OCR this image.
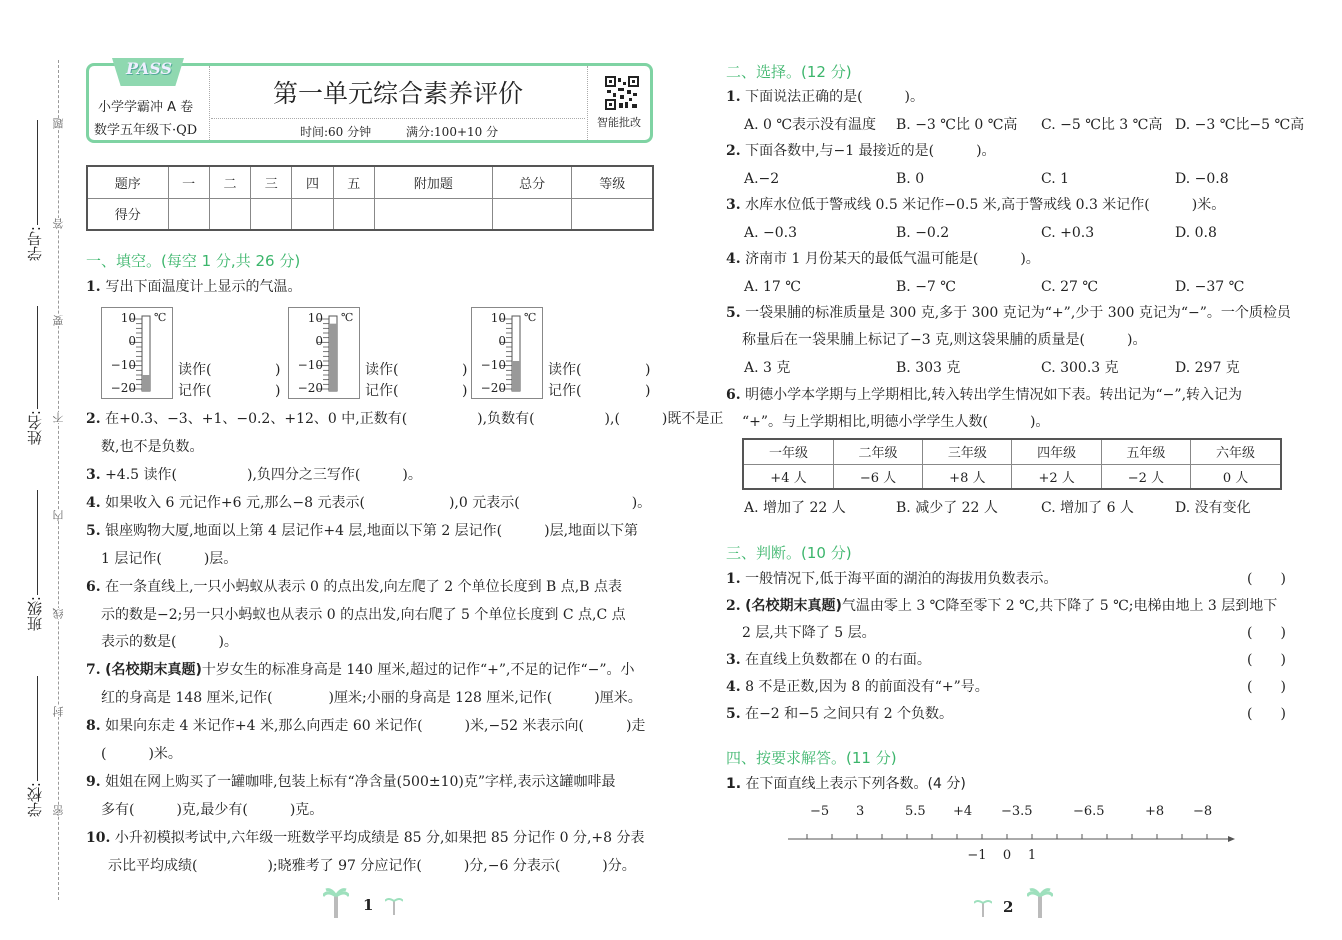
题
答
要
不
内
线
封
密
学号:
姓名:
班级:
学校:
PASS
小学学霸冲 A 卷
数学五年级下·QD
第一单元综合素养评价
时间:60 分钟	满分:100+10 分
智能批改
题序	一	二	三	四	五	附加题	总分	等级
得分								
一、填空。(每空 1 分,共 26 分)
1. 写出下面温度计上显示的气温。
10
0
−10
−20
℃
读作(	)
记作(	)
10
0
−10
−20
℃
读作(	)
记作(	)
10
0
−10
−20
℃
读作(	)
记作(	)
2. 在+0.3、−3、+1、−0.2、+12、0 中,正数有(　　　　　),负数有(　　　　　),(　　　)既不是正
数,也不是负数。
3. +4.5 读作(　　　　　),负四分之三写作(　　　)。
4. 如果收入 6 元记作+6 元,那么−8 元表示(　　　　　　),0 元表示(　　　　　　　　)。
5. 银座购物大厦,地面以上第 4 层记作+4 层,地面以下第 2 层记作(　　　)层,地面以下第
1 层记作(　　　)层。
6. 在一条直线上,一只小蚂蚁从表示 0 的点出发,向左爬了 2 个单位长度到 B 点,B 点表
示的数是−2;另一只小蚂蚁也从表示 0 的点出发,向右爬了 5 个单位长度到 C 点,C 点
表示的数是(　　　)。
7. (名校期末真题)十岁女生的标准身高是 140 厘米,超过的记作“+”,不足的记作“−”。小
红的身高是 148 厘米,记作(　　　　)厘米;小丽的身高是 128 厘米,记作(　　　)厘米。
8. 如果向东走 4 米记作+4 米,那么向西走 60 米记作(　　　)米,−52 米表示向(　　　)走
(　　　)米。
9. 姐姐在网上购买了一罐咖啡,包装上标有“净含量(500±10)克”字样,表示这罐咖啡最
多有(　　　)克,最少有(　　　)克。
10. 小升初模拟考试中,六年级一班数学平均成绩是 85 分,如果把 85 分记作 0 分,+8 分表
示比平均成绩(　　　　　);晓雅考了 97 分应记作(　　　)分,−6 分表示(　　　)分。
1
二、选择。(12 分)
1. 下面说法正确的是(　　　)。
A. 0 ℃表示没有温度 B. −3 ℃比 0 ℃高 C. −5 ℃比 3 ℃高 D. −3 ℃比−5 ℃高
2. 下面各数中,与−1 最接近的是(　　　)。
A.−2	B. 0	C. 1	D. −0.8
3. 水库水位低于警戒线 0.5 米记作−0.5 米,高于警戒线 0.3 米记作(　　　)米。
A. −0.3	B. −0.2	C. +0.3	D. 0.8
4. 济南市 1 月份某天的最低气温可能是(　　　)。
A. 17 ℃	B. −7 ℃	C. 27 ℃	D. −37 ℃
5. 一袋果脯的标准质量是 300 克,多于 300 克记为“+”,少于 300 克记为“−”。一个质检员
称量后在一袋果脯上标记了−3 克,则这袋果脯的质量是(　　　)。
A. 3 克	B. 303 克	C. 300.3 克	D. 297 克
6. 明德小学本学期与上学期相比,转入转出学生情况如下表。转出记为“−”,转入记为
“+”。与上学期相比,明德小学学生人数(　　　)。
A. 增加了 22 人	B. 减少了 22 人	C. 增加了 6 人	D. 没有变化
一年级	二年级	三年级	四年级	五年级	六年级
+4 人	−6 人	+8 人	+2 人	−2 人	0 人
三、判断。(10 分)
1. 一般情况下,低于海平面的湖泊的海拔用负数表示。	(　　)
2. (名校期末真题)气温由零上 3 ℃降至零下 2 ℃,共下降了 5 ℃;电梯由地上 3 层到地下
2 层,共下降了 5 层。	(　　)
3. 在直线上负数都在 0 的右面。	(　　)
4. 8 不是正数,因为 8 的前面没有“+”号。	(　　)
5. 在−2 和−5 之间只有 2 个负数。	(　　)
四、按要求解答。(11 分)
1. 在下面直线上表示下列各数。(4 分)
−5 3	5.5 +4 −3.5	−6.5	+8 −8
−1 0 1
2
